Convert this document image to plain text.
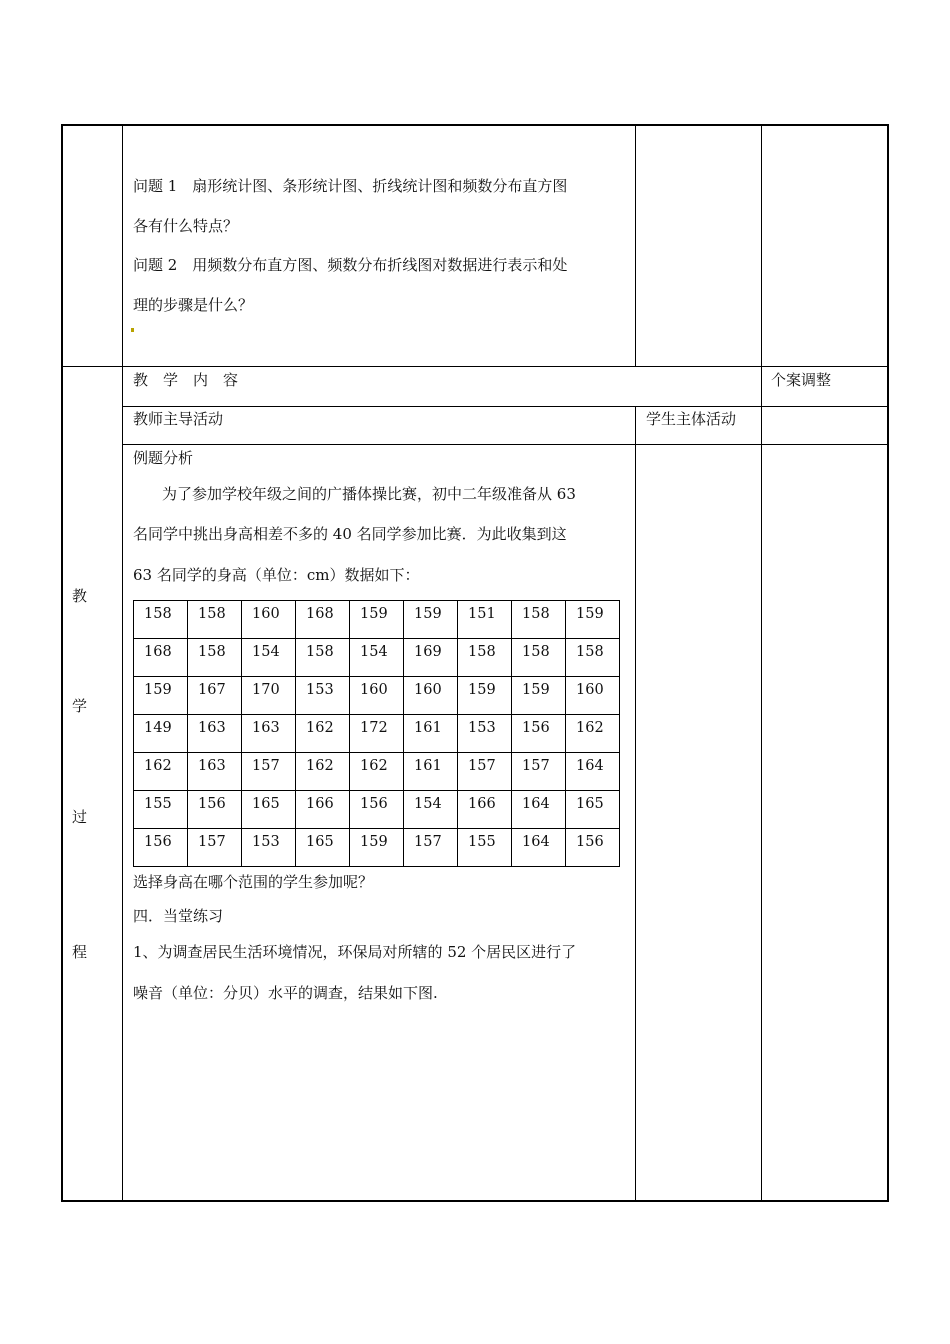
问题 1　扇形统计图、条形统计图、折线统计图和频数分布直方图
各有什么特点？
问题 2　用频数分布直方图、频数分布折线图对数据进行表示和处
理的步骤是什么？
教
学
过
程
教　学　内　容	个案调整
教师主导活动	学生主体活动
例题分析
为了参加学校年级之间的广播体操比赛，初中二年级准备从 63
名同学中挑出身高相差不多的 40 名同学参加比赛．为此收集到这
63 名同学的身高（单位：cm）数据如下：
158	158	160	168	159	159	151	158	159
168	158	154	158	154	169	158	158	158
159	167	170	153	160	160	159	159	160
149	163	163	162	172	161	153	156	162
162	163	157	162	162	161	157	157	164
155	156	165	166	156	154	166	164	165
156	157	153	165	159	157	155	164	156
选择身高在哪个范围的学生参加呢？
四．当堂练习
1、为调查居民生活环境情况，环保局对所辖的 52 个居民区进行了
噪音（单位：分贝）水平的调查，结果如下图.
